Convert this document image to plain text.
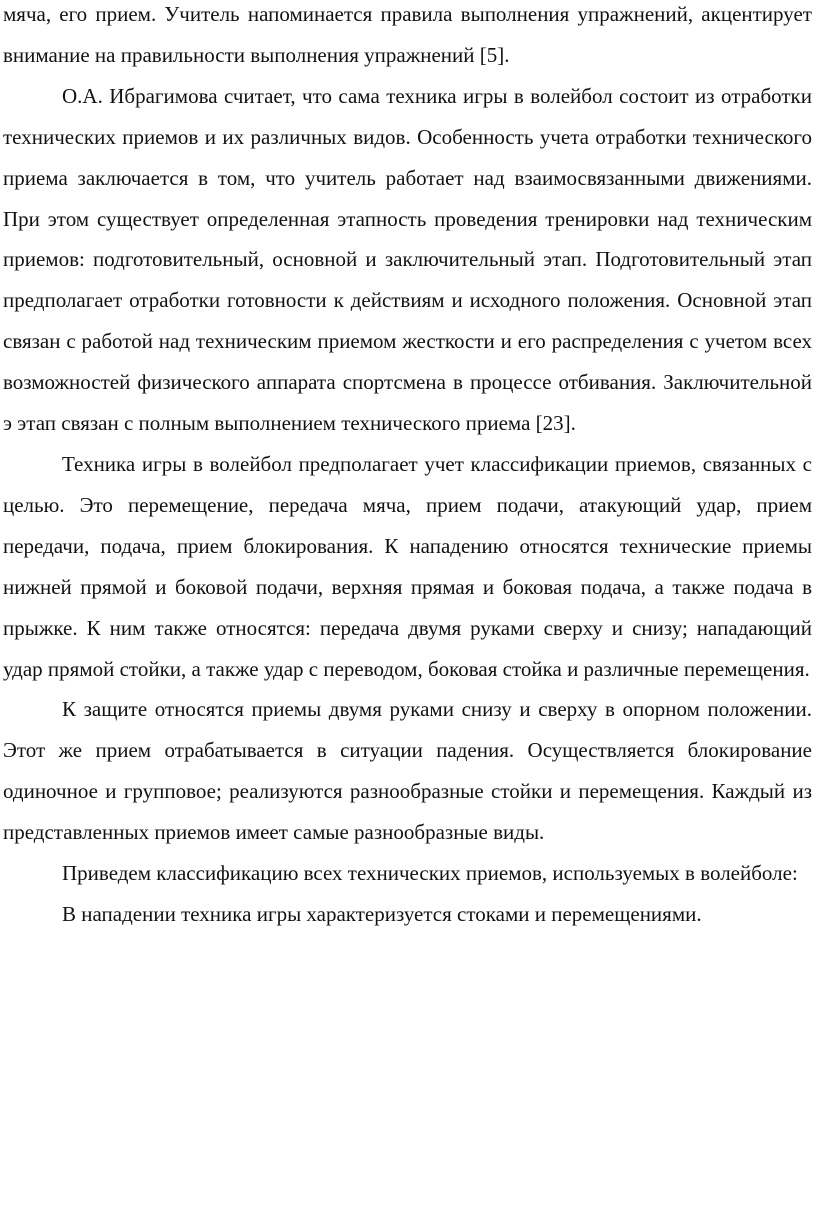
мяча, его прием. Учитель напоминается правила выполнения упражнений, акцентирует внимание на правильности выполнения упражнений [5].

О.А. Ибрагимова считает, что сама техника игры в волейбол состоит из отработки технических приемов и их различных видов. Особенность учета отработки технического приема заключается в том, что учитель работает над взаимосвязанными движениями. При этом существует определенная этапность проведения тренировки над техническим приемов: подготовительный, основной и заключительный этап. Подготовительный этап предполагает отработки готовности к действиям и исходного положения. Основной этап связан с работой над техническим приемом жесткости и его распределения с учетом всех возможностей физического аппарата спортсмена в процессе отбивания. Заключительной э этап связан с полным выполнением технического приема [23].

Техника игры в волейбол предполагает учет классификации приемов, связанных с целью. Это перемещение, передача мяча, прием подачи, атакующий удар, прием передачи, подача, прием блокирования. К нападению относятся технические приемы нижней прямой и боковой подачи, верхняя прямая и боковая подача, а также подача в прыжке. К ним также относятся: передача двумя руками сверху и снизу; нападающий удар прямой стойки, а также удар с переводом, боковая стойка и различные перемещения.

К защите относятся приемы двумя руками снизу и сверху в опорном положении. Этот же прием отрабатывается в ситуации падения. Осуществляется блокирование одиночное и групповое; реализуются разнообразные стойки и перемещения. Каждый из представленных приемов имеет самые разнообразные виды.

Приведем классификацию всех технических приемов, используемых в волейболе:

В нападении техника игры характеризуется стоками и перемещениями.
